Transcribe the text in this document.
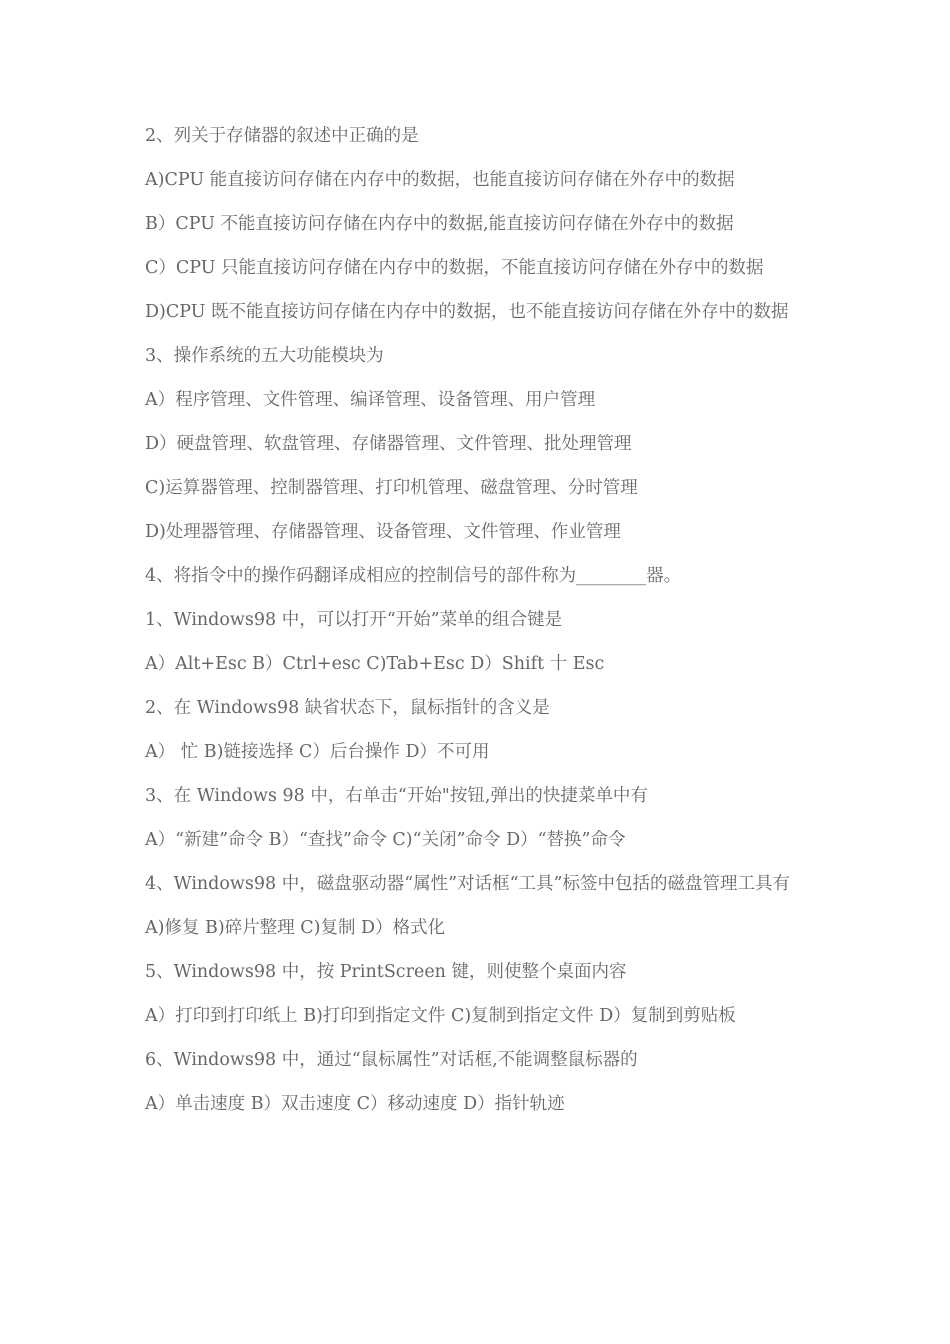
2、列关于存储器的叙述中正确的是

A)CPU 能直接访问存储在内存中的数据，也能直接访问存储在外存中的数据

B）CPU 不能直接访问存储在内存中的数据,能直接访问存储在外存中的数据

C）CPU 只能直接访问存储在内存中的数据，不能直接访问存储在外存中的数据

D)CPU 既不能直接访问存储在内存中的数据，也不能直接访问存储在外存中的数据

3、操作系统的五大功能模块为

A）程序管理、文件管理、编译管理、设备管理、用户管理

D）硬盘管理、软盘管理、存储器管理、文件管理、批处理管理

C)运算器管理、控制器管理、打印机管理、磁盘管理、分时管理

D)处理器管理、存储器管理、设备管理、文件管理、作业管理

4、将指令中的操作码翻译成相应的控制信号的部件称为________器。

1、Windows98 中，可以打开“开始”菜单的组合键是

A）Alt+Esc B）Ctrl+esc C)Tab+Esc D）Shift 十 Esc

2、在 Windows98 缺省状态下，鼠标指针的含义是

A） 忙 B)链接选择 C）后台操作 D）不可用

3、在 Windows 98 中，右单击“开始"按钮,弹出的快捷菜单中有

A）“新建”命令 B）“查找”命令 C)“关闭”命令 D）“替换”命令

4、Windows98 中，磁盘驱动器“属性”对话框“工具”标签中包括的磁盘管理工具有

A)修复 B)碎片整理 C)复制 D）格式化

5、Windows98 中，按 PrintScreen 键，则使整个桌面内容

A）打印到打印纸上 B)打印到指定文件 C)复制到指定文件 D）复制到剪贴板

6、Windows98 中，通过“鼠标属性”对话框,不能调整鼠标器的

A）单击速度 B）双击速度 C）移动速度 D）指针轨迹
